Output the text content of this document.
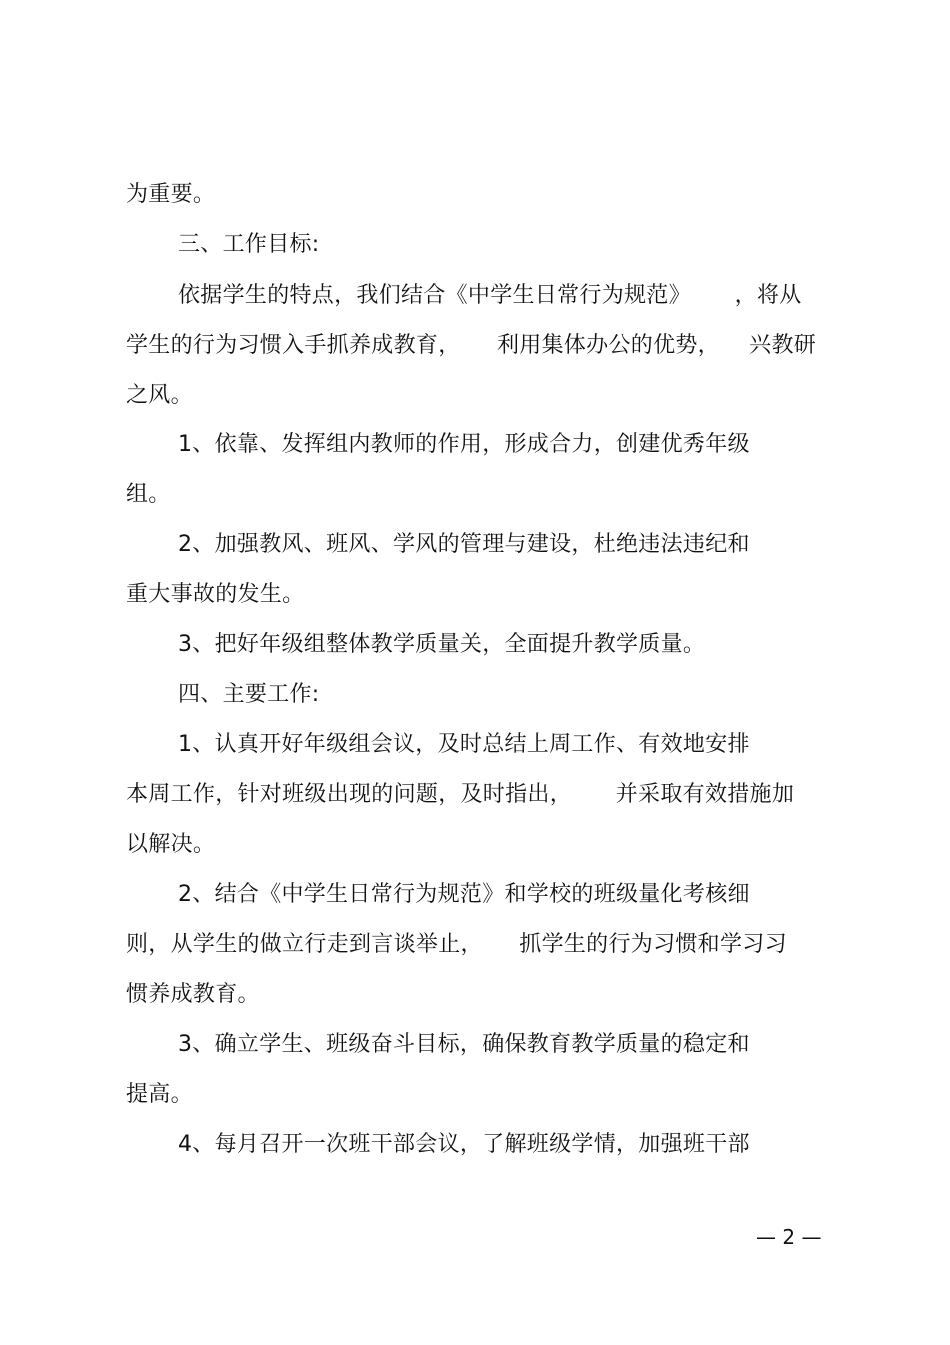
为重要。
三、工作目标:
依据学生的特点，我们结合《中学生日常行为规范》      ，将从
学生的行为习惯入手抓养成教育，     利用集体办公的优势，    兴教研
之风。
1、依靠、发挥组内教师的作用，形成合力，创建优秀年级
组。
2、加强教风、班风、学风的管理与建设，杜绝违法违纪和
重大事故的发生。
3、把好年级组整体教学质量关，全面提升教学质量。
四、主要工作:
1、认真开好年级组会议，及时总结上周工作、有效地安排
本周工作，针对班级出现的问题，及时指出，      并采取有效措施加
以解决。
2、结合《中学生日常行为规范》和学校的班级量化考核细
则，从学生的做立行走到言谈举止，     抓学生的行为习惯和学习习
惯养成教育。
3、确立学生、班级奋斗目标，确保教育教学质量的稳定和
提高。
4、每月召开一次班干部会议，了解班级学情，加强班干部
— 2 —
